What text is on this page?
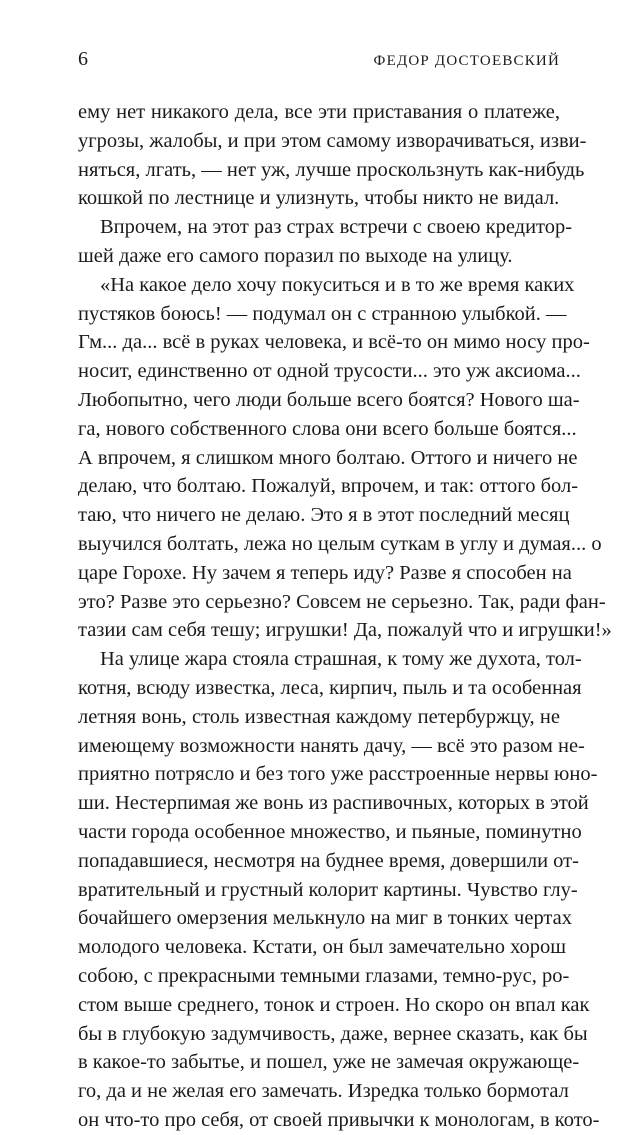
6	ФЕДОР ДОСТОЕВСКИЙ
ему нет никакого дела, все эти приставания о платеже,
угрозы, жалобы, и при этом самому изворачиваться, изви-
няться, лгать, — нет уж, лучше проскользнуть как-нибудь
кошкой по лестнице и улизнуть, чтобы никто не видал.
Впрочем, на этот раз страх встречи с своею кредитор-
шей даже его самого поразил по выходе на улицу.
«На какое дело хочу покуситься и в то же время каких
пустяков боюсь! — подумал он с странною улыбкой. —
Гм... да... всё в руках человека, и всё-то он мимо носу про-
носит, единственно от одной трусости... это уж аксиома...
Любопытно, чего люди больше всего боятся? Нового ша-
га, нового собственного слова они всего больше боятся...
А впрочем, я слишком много болтаю. Оттого и ничего не
делаю, что болтаю. Пожалуй, впрочем, и так: оттого бол-
таю, что ничего не делаю. Это я в этот последний месяц
выучился болтать, лежа но целым суткам в углу и думая... о
царе Горохе. Ну зачем я теперь иду? Разве я способен на
это? Разве это серьезно? Совсем не серьезно. Так, ради фан-
тазии сам себя тешу; игрушки! Да, пожалуй что и игрушки!»
На улице жара стояла страшная, к тому же духота, тол-
котня, всюду известка, леса, кирпич, пыль и та особенная
летняя вонь, столь известная каждому петербуржцу, не
имеющему возможности нанять дачу, — всё это разом не-
приятно потрясло и без того уже расстроенные нервы юно-
ши. Нестерпимая же вонь из распивочных, которых в этой
части города особенное множество, и пьяные, поминутно
попадавшиеся, несмотря на буднее время, довершили от-
вратительный и грустный колорит картины. Чувство глу-
бочайшего омерзения мелькнуло на миг в тонких чертах
молодого человека. Кстати, он был замечательно хорош
собою, с прекрасными темными глазами, темно-рус, ро-
стом выше среднего, тонок и строен. Но скоро он впал как
бы в глубокую задумчивость, даже, вернее сказать, как бы
в какое-то забытье, и пошел, уже не замечая окружающе-
го, да и не желая его замечать. Изредка только бормотал
он что-то про себя, от своей привычки к монологам, в кото-
